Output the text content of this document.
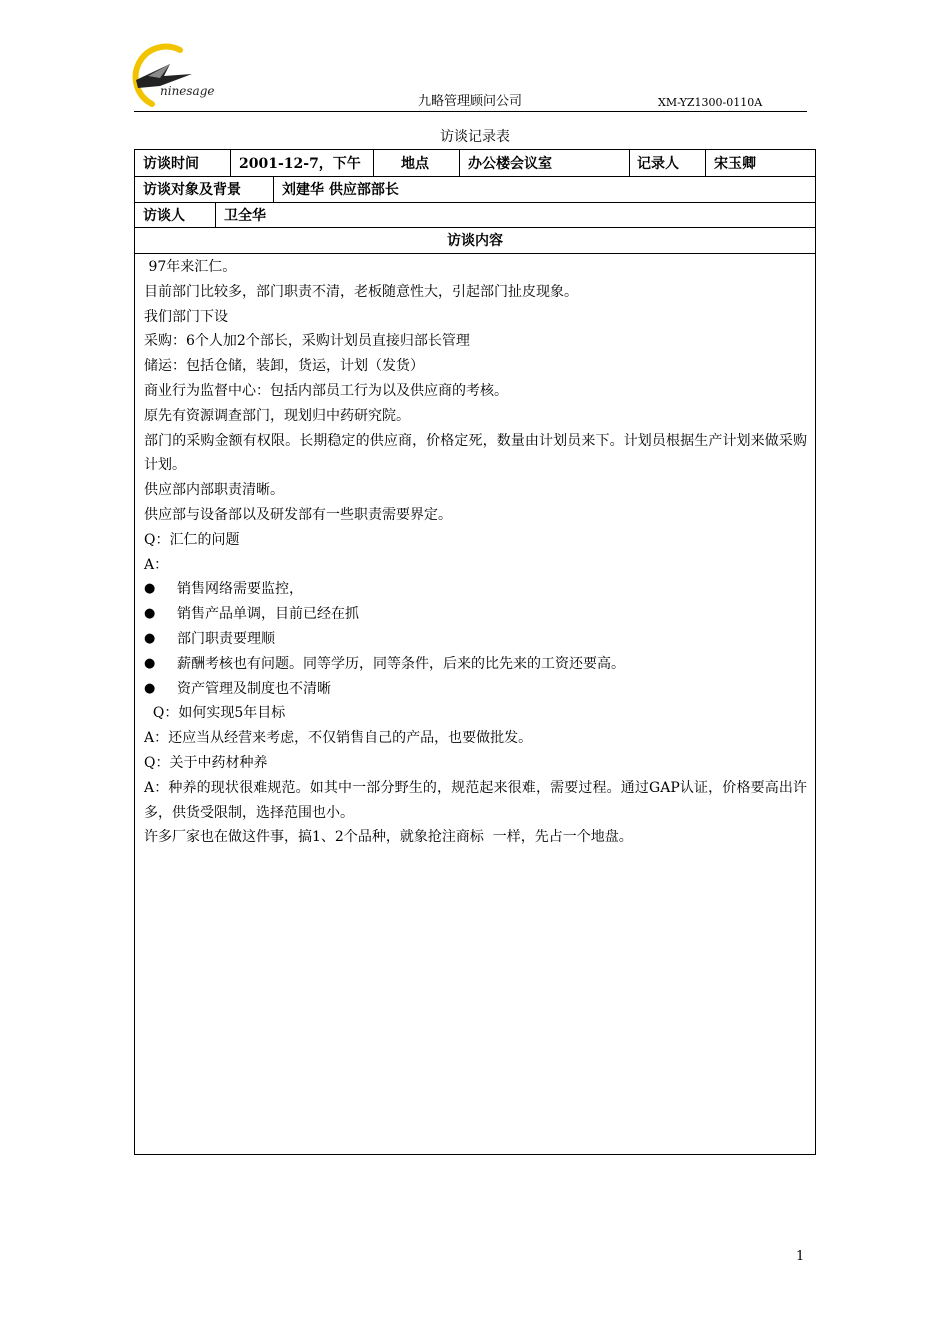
ninesage
九略管理顾问公司	XM-YZ1300-0110A
访谈记录表
访谈时间	2001-12-7，下午	地点	办公楼会议室	记录人	宋玉卿
访谈对象及背景	刘建华 供应部部长
访谈人	卫全华
访谈内容

97年来汇仁。

目前部门比较多，部门职责不清，老板随意性大，引起部门扯皮现象。

我们部门下设

采购：6个人加2个部长，采购计划员直接归部长管理

储运：包括仓储，装卸，货运，计划（发货）

商业行为监督中心：包括内部员工行为以及供应商的考核。

原先有资源调查部门，现划归中药研究院。

部门的采购金额有权限。长期稳定的供应商，价格定死，数量由计划员来下。计划员根据生产计划来做采购计划。

供应部内部职责清晰。

供应部与设备部以及研发部有一些职责需要界定。

Q：汇仁的问题

A：

●	销售网络需要监控，
●	销售产品单调，目前已经在抓
●	部门职责要理顺
●	薪酬考核也有问题。同等学历，同等条件，后来的比先来的工资还要高。
●	资产管理及制度也不清晰

Q：如何实现5年目标

A：还应当从经营来考虑，不仅销售自己的产品，也要做批发。

Q：关于中药材种养

A：种养的现状很难规范。如其中一部分野生的，规范起来很难，需要过程。通过GAP认证，价格要高出许多，供货受限制，选择范围也小。

许多厂家也在做这件事，搞1、2个品种，就象抢注商标  一样，先占一个地盘。

1
